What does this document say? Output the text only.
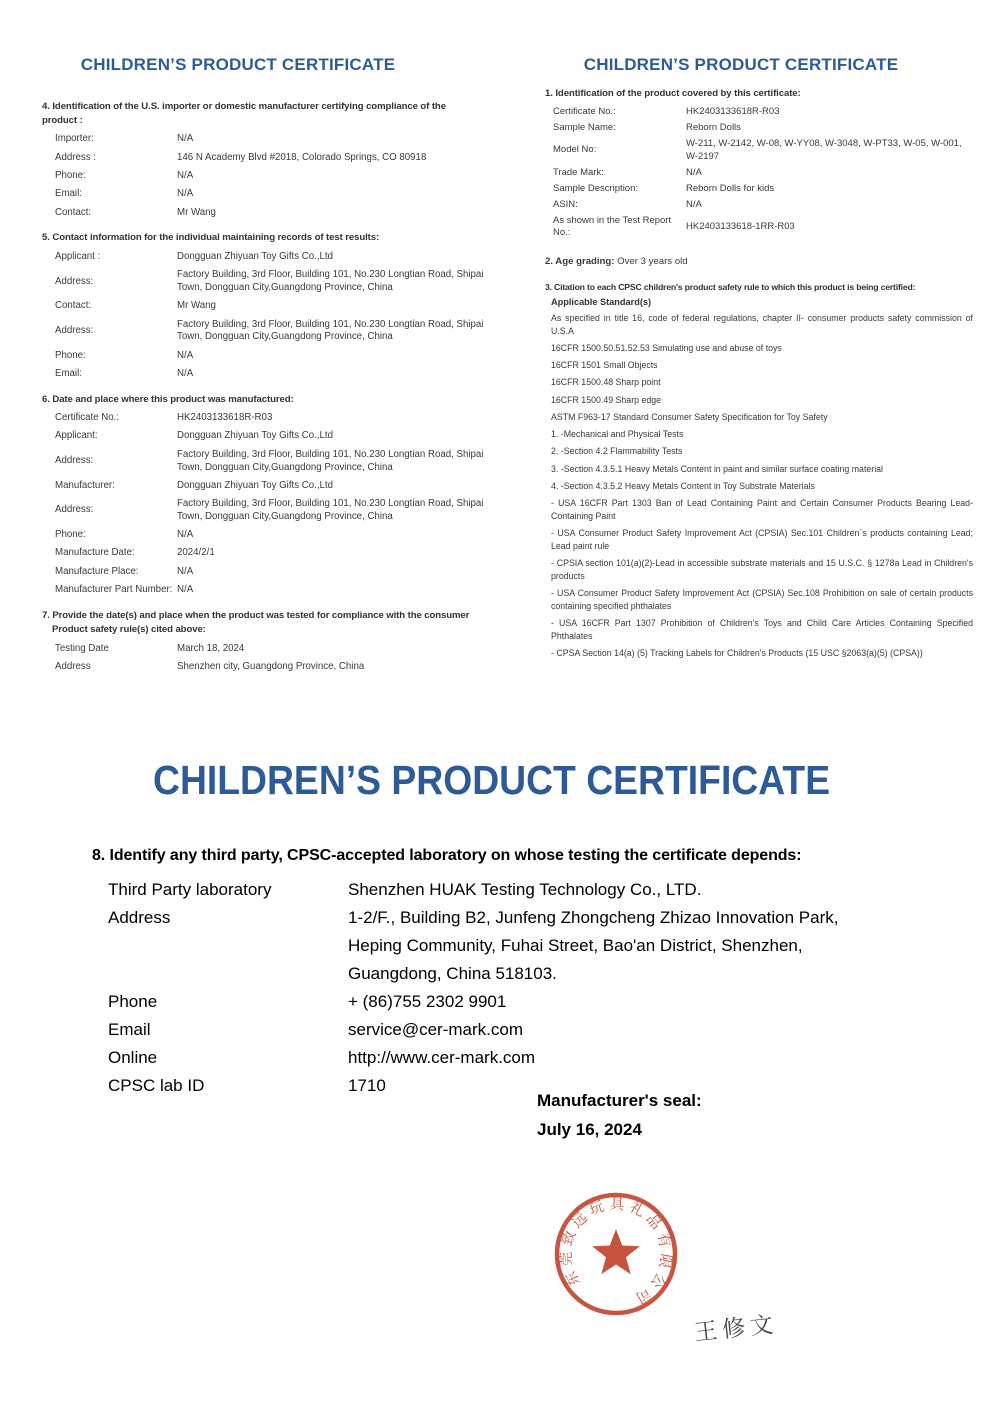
CHILDREN’S PRODUCT CERTIFICATE
4. Identification of the U.S. importer or domestic manufacturer certifying compliance of the
product :
Importer:	N/A
Address :	146 N Academy Blvd #2018, Colorado Springs, CO 80918
Phone:	N/A
Email:	N/A
Contact:	Mr Wang
5. Contact information for the individual maintaining records of test results:
Applicant :	Dongguan Zhiyuan Toy Gifts Co.,Ltd
Address:
Factory Building, 3rd Floor, Building 101, No.230 Longtian Road, Shipai Town, Dongguan City,Guangdong Province, China
Contact:	Mr Wang
Address:
Factory Building, 3rd Floor, Building 101, No.230 Longtian Road, Shipai Town, Dongguan City,Guangdong Province, China
Phone:	N/A
Email:	N/A
6. Date and place where this product was manufactured:
Certificate No.:	HK2403133618R-R03
Applicant:	Dongguan Zhiyuan Toy Gifts Co.,Ltd
Address:
Factory Building, 3rd Floor, Building 101, No.230 Longtian Road, Shipai Town, Dongguan City,Guangdong Province, China
Manufacturer:	Dongguan Zhiyuan Toy Gifts Co.,Ltd
Address:
Factory Building, 3rd Floor, Building 101, No.230 Longtian Road, Shipai Town, Dongguan City,Guangdong Province, China
Phone:	N/A
Manufacture Date:	2024/2/1
Manufacture Place:	N/A
Manufacturer Part Number: N/A
7. Provide the date(s) and place when the product was tested for compliance with the consumer
Product safety rule(s) cited above:
Testing Date	March 18, 2024
Address	Shenzhen city, Guangdong Province, China
CHILDREN’S PRODUCT CERTIFICATE
1. Identification of the product covered by this certificate:
Certificate No.:	HK2403133618R-R03
Sample Name:	Reborn Dolls
Model No:
W-211, W-2142, W-08, W-YY08, W-3048, W-PT33, W-05, W-001, W-2197
Trade Mark:	N/A
Sample Description:	Reborn Dolls for kids
ASIN:	N/A
As shown in the Test Report No.:
HK2403133618-1RR-R03
2. Age grading: Over 3 years old
3. Citation to each CPSC children's product safety rule to which this product is being certified:
Applicable Standard(s)

As specified in title 16, code of federal regulations, chapter II- consumer products safety commission of U.S.A

16CFR 1500.50.51.52.53 Simulating use and abuse of toys

16CFR 1501 Small Objects

16CFR 1500.48 Sharp point

16CFR 1500.49 Sharp edge

ASTM F963-17 Standard Consumer Safety Specification for Toy Safety

1. -Mechanical and Physical Tests

2. -Section 4.2 Flammability Tests

3. -Section 4.3.5.1 Heavy Metals Content in paint and similar surface coating material

4. -Section 4.3.5.2 Heavy Metals Content in Toy Substrate Materials

- USA 16CFR Part 1303 Ban of Lead Containing Paint and Certain Consumer Products Bearing Lead-Containing Paint

- USA Consumer Product Safety Improvement Act (CPSIA) Sec.101 Children´s products containing Lead; Lead paint rule

- CPSIA section 101(a)(2)-Lead in accessible substrate materials and 15 U.S.C. § 1278a Lead in Children's products

- USA Consumer Product Safety Improvement Act (CPSIA) Sec.108 Prohibition on sale of certain products containing specified phthalates

- USA 16CFR Part 1307 Prohibition of Children's Toys and Child Care Articles Containing Specified Phthalates

- CPSA Section 14(a) (5) Tracking Labels for Children's Products (15 USC §2063(a)(5) (CPSA))

CHILDREN’S PRODUCT CERTIFICATE
8. Identify any third party, CPSC-accepted laboratory on whose testing the certificate depends:
Third Party laboratory	Shenzhen HUAK Testing Technology Co., LTD.
Address	1-2/F., Building B2, Junfeng Zhongcheng Zhizao Innovation Park, Heping Community, Fuhai Street, Bao'an District, Shenzhen, Guangdong, China 518103.
Phone	+ (86)755 2302 9901
Email	service@cer-mark.com
Online	http://www.cer-mark.com
CPSC lab ID	1710
Manufacturer's seal:
July 16, 2024
东莞致远玩具礼品有限公司
王修文
